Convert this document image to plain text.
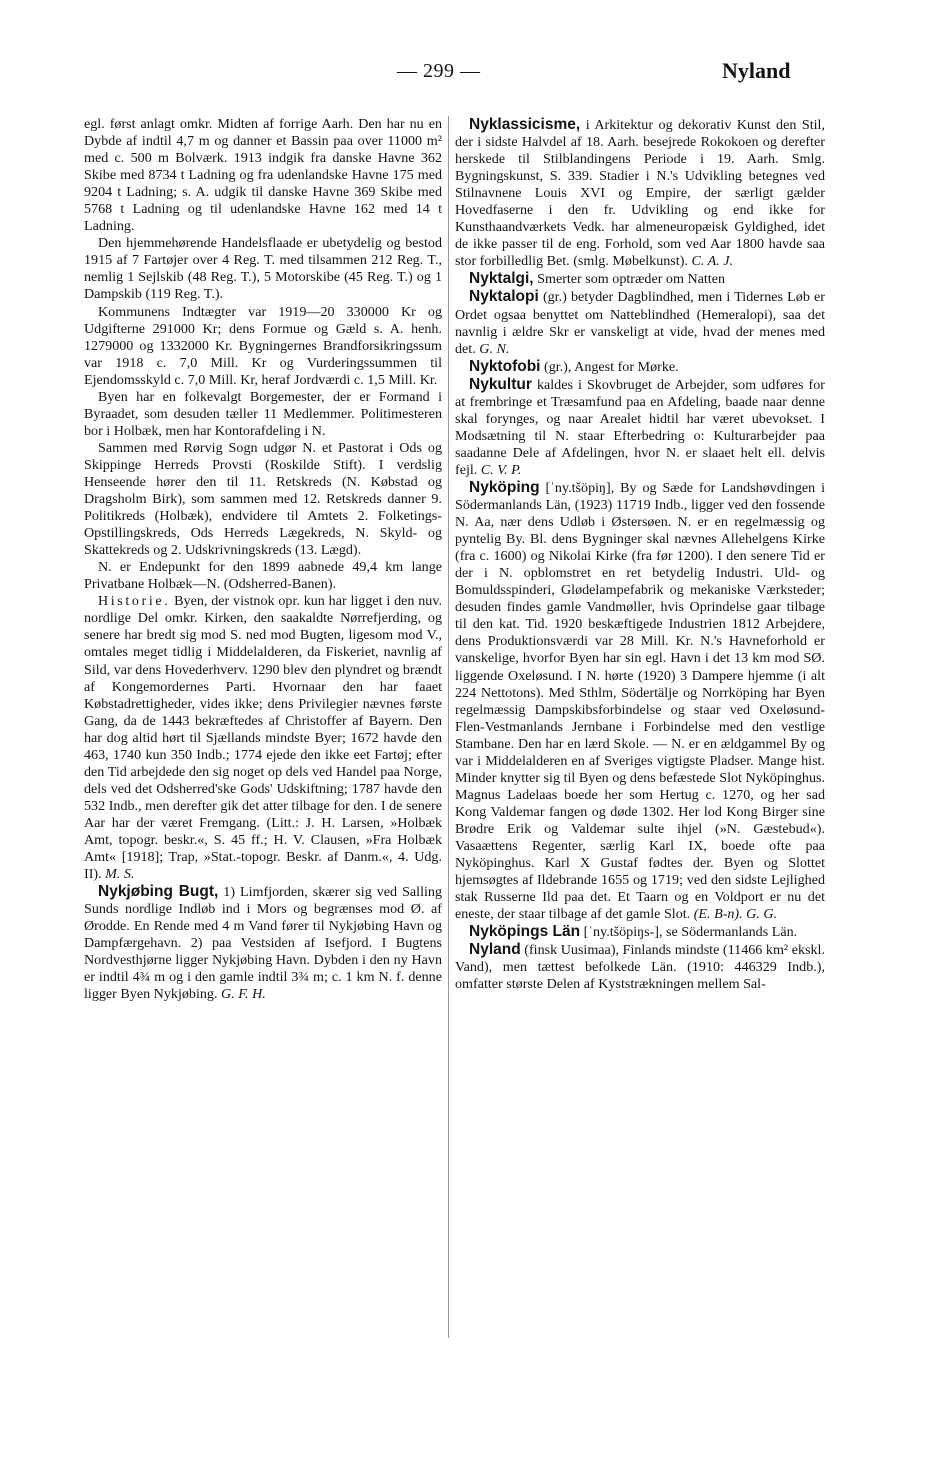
— 299 —	Nyland

egl. først anlagt omkr. Midten af forrige Aarh. Den har nu en Dybde af indtil 4,7 m og danner et Bassin paa over 11000 m² med c. 500 m Bolværk. 1913 indgik fra danske Havne 362 Skibe med 8734 t Ladning og fra udenlandske Havne 175 med 9204 t Ladning; s. A. udgik til danske Havne 369 Skibe med 5768 t Ladning og til udenlandske Havne 162 med 14 t Ladning.

Den hjemmehørende Handelsflaade er ubetydelig og bestod 1915 af 7 Fartøjer over 4 Reg. T. med tilsammen 212 Reg. T., nemlig 1 Sejlskib (48 Reg. T.), 5 Motorskibe (45 Reg. T.) og 1 Dampskib (119 Reg. T.).

Kommunens Indtægter var 1919—20 330000 Kr og Udgifterne 291000 Kr; dens Formue og Gæld s. A. henh. 1279000 og 1332000 Kr. Bygningernes Brandforsikringssum var 1918 c. 7,0 Mill. Kr og Vurderingssummen til Ejendomsskyld c. 7,0 Mill. Kr, heraf Jordværdi c. 1,5 Mill. Kr.

Byen har en folkevalgt Borgemester, der er Formand i Byraadet, som desuden tæller 11 Medlemmer. Politimesteren bor i Holbæk, men har Kontorafdeling i N.

Sammen med Rørvig Sogn udgør N. et Pastorat i Ods og Skippinge Herreds Provsti (Roskilde Stift). I verdslig Henseende hører den til 11. Retskreds (N. Købstad og Dragsholm Birk), som sammen med 12. Retskreds danner 9. Politikreds (Holbæk), endvidere til Amtets 2. Folketings-Opstillingskreds, Ods Herreds Lægekreds, N. Skyld- og Skattekreds og 2. Udskrivningskreds (13. Lægd).

N. er Endepunkt for den 1899 aabnede 49,4 km lange Privatbane Holbæk—N. (Odsherred-Banen).

Historie. Byen, der vistnok opr. kun har ligget i den nuv. nordlige Del omkr. Kirken, den saakaldte Nørrefjerding, og senere har bredt sig mod S. ned mod Bugten, ligesom mod V., omtales meget tidlig i Middelalderen, da Fiskeriet, navnlig af Sild, var dens Hovederhverv. 1290 blev den plyndret og brændt af Kongemordernes Parti. Hvornaar den har faaet Købstadrettigheder, vides ikke; dens Privilegier nævnes første Gang, da de 1443 bekræftedes af Christoffer af Bayern. Den har dog altid hørt til Sjællands mindste Byer; 1672 havde den 463, 1740 kun 350 Indb.; 1774 ejede den ikke eet Fartøj; efter den Tid arbejdede den sig noget op dels ved Handel paa Norge, dels ved det Odsherred'ske Gods' Udskiftning; 1787 havde den 532 Indb., men derefter gik det atter tilbage for den. I de senere Aar har der været Fremgang. (Litt.: J. H. Larsen, »Holbæk Amt, topogr. beskr.«, S. 45 ff.; H. V. Clausen, »Fra Holbæk Amt« [1918]; Trap, »Stat.-topogr. Beskr. af Danm.«, 4. Udg. II). M. S.

Nykjøbing Bugt, 1) Limfjorden, skærer sig ved Salling Sunds nordlige Indløb ind i Mors og begrænses mod Ø. af Ørodde. En Rende med 4 m Vand fører til Nykjøbing Havn og Dampfærgehavn. 2) paa Vestsiden af Isefjord. I Bugtens Nordvesthjørne ligger Nykjøbing Havn. Dybden i den ny Havn er indtil 4¾ m og i den gamle indtil 3¾ m; c. 1 km N. f. denne ligger Byen Nykjøbing. G. F. H.

Nyklassicisme, i Arkitektur og dekorativ Kunst den Stil, der i sidste Halvdel af 18. Aarh. besejrede Rokokoen og derefter herskede til Stilblandingens Periode i 19. Aarh. Smlg. Bygningskunst, S. 339. Stadier i N.'s Udvikling betegnes ved Stilnavnene Louis XVI og Empire, der særligt gælder Hovedfaserne i den fr. Udvikling og end ikke for Kunsthaandværkets Vedk. har almeneuropæisk Gyldighed, idet de ikke passer til de eng. Forhold, som ved Aar 1800 havde saa stor forbilledlig Bet. (smlg. Møbelkunst). C. A. J.

Nyktalgi, Smerter som optræder om Natten

Nyktalopi (gr.) betyder Dagblindhed, men i Tidernes Løb er Ordet ogsaa benyttet om Natteblindhed (Hemeralopi), saa det navnlig i ældre Skr er vanskeligt at vide, hvad der menes med det. G. N.

Nyktofobi (gr.), Angest for Mørke.

Nykultur kaldes i Skovbruget de Arbejder, som udføres for at frembringe et Træsamfund paa en Afdeling, baade naar denne skal forynges, og naar Arealet hidtil har været ubevokset. I Modsætning til N. staar Efterbedring o: Kulturarbejder paa saadanne Dele af Afdelingen, hvor N. er slaaet helt ell. delvis fejl. C. V. P.

Nyköping [ˈny.tšöpiŋ], By og Sæde for Landshøvdingen i Södermanlands Län, (1923) 11719 Indb., ligger ved den fossende N. Aa, nær dens Udløb i Østersøen. N. er en regelmæssig og pyntelig By. Bl. dens Bygninger skal nævnes Allehelgens Kirke (fra c. 1600) og Nikolai Kirke (fra før 1200). I den senere Tid er der i N. opblomstret en ret betydelig Industri. Uld- og Bomuldsspinderi, Glødelampefabrik og mekaniske Værksteder; desuden findes gamle Vandmøller, hvis Oprindelse gaar tilbage til den kat. Tid. 1920 beskæftigede Industrien 1812 Arbejdere, dens Produktionsværdi var 28 Mill. Kr. N.'s Havneforhold er vanskelige, hvorfor Byen har sin egl. Havn i det 13 km mod SØ. liggende Oxeløsund. I N. hørte (1920) 3 Dampere hjemme (i alt 224 Nettotons). Med Sthlm, Södertälje og Norrköping har Byen regelmæssig Dampskibsforbindelse og staar ved Oxeløsund-Flen-Vestmanlands Jernbane i Forbindelse med den vestlige Stambane. Den har en lærd Skole. — N. er en ældgammel By og var i Middelalderen en af Sveriges vigtigste Pladser. Mange hist. Minder knytter sig til Byen og dens befæstede Slot Nyköpinghus. Magnus Ladelaas boede her som Hertug c. 1270, og her sad Kong Valdemar fangen og døde 1302. Her lod Kong Birger sine Brødre Erik og Valdemar sulte ihjel (»N. Gæstebud«). Vasaættens Regenter, særlig Karl IX, boede ofte paa Nyköpinghus. Karl X Gustaf fødtes der. Byen og Slottet hjemsøgtes af Ildebrande 1655 og 1719; ved den sidste Lejlighed stak Russerne Ild paa det. Et Taarn og en Voldport er nu det eneste, der staar tilbage af det gamle Slot. (E. B-n). G. G.

Nyköpings Län [ˈny.tšöpiŋs-], se Södermanlands Län.

Nyland (finsk Uusimaa), Finlands mindste (11466 km² ekskl. Vand), men tættest befolkede Län. (1910: 446329 Indb.), omfatter største Delen af Kyststrækningen mellem Sal-
